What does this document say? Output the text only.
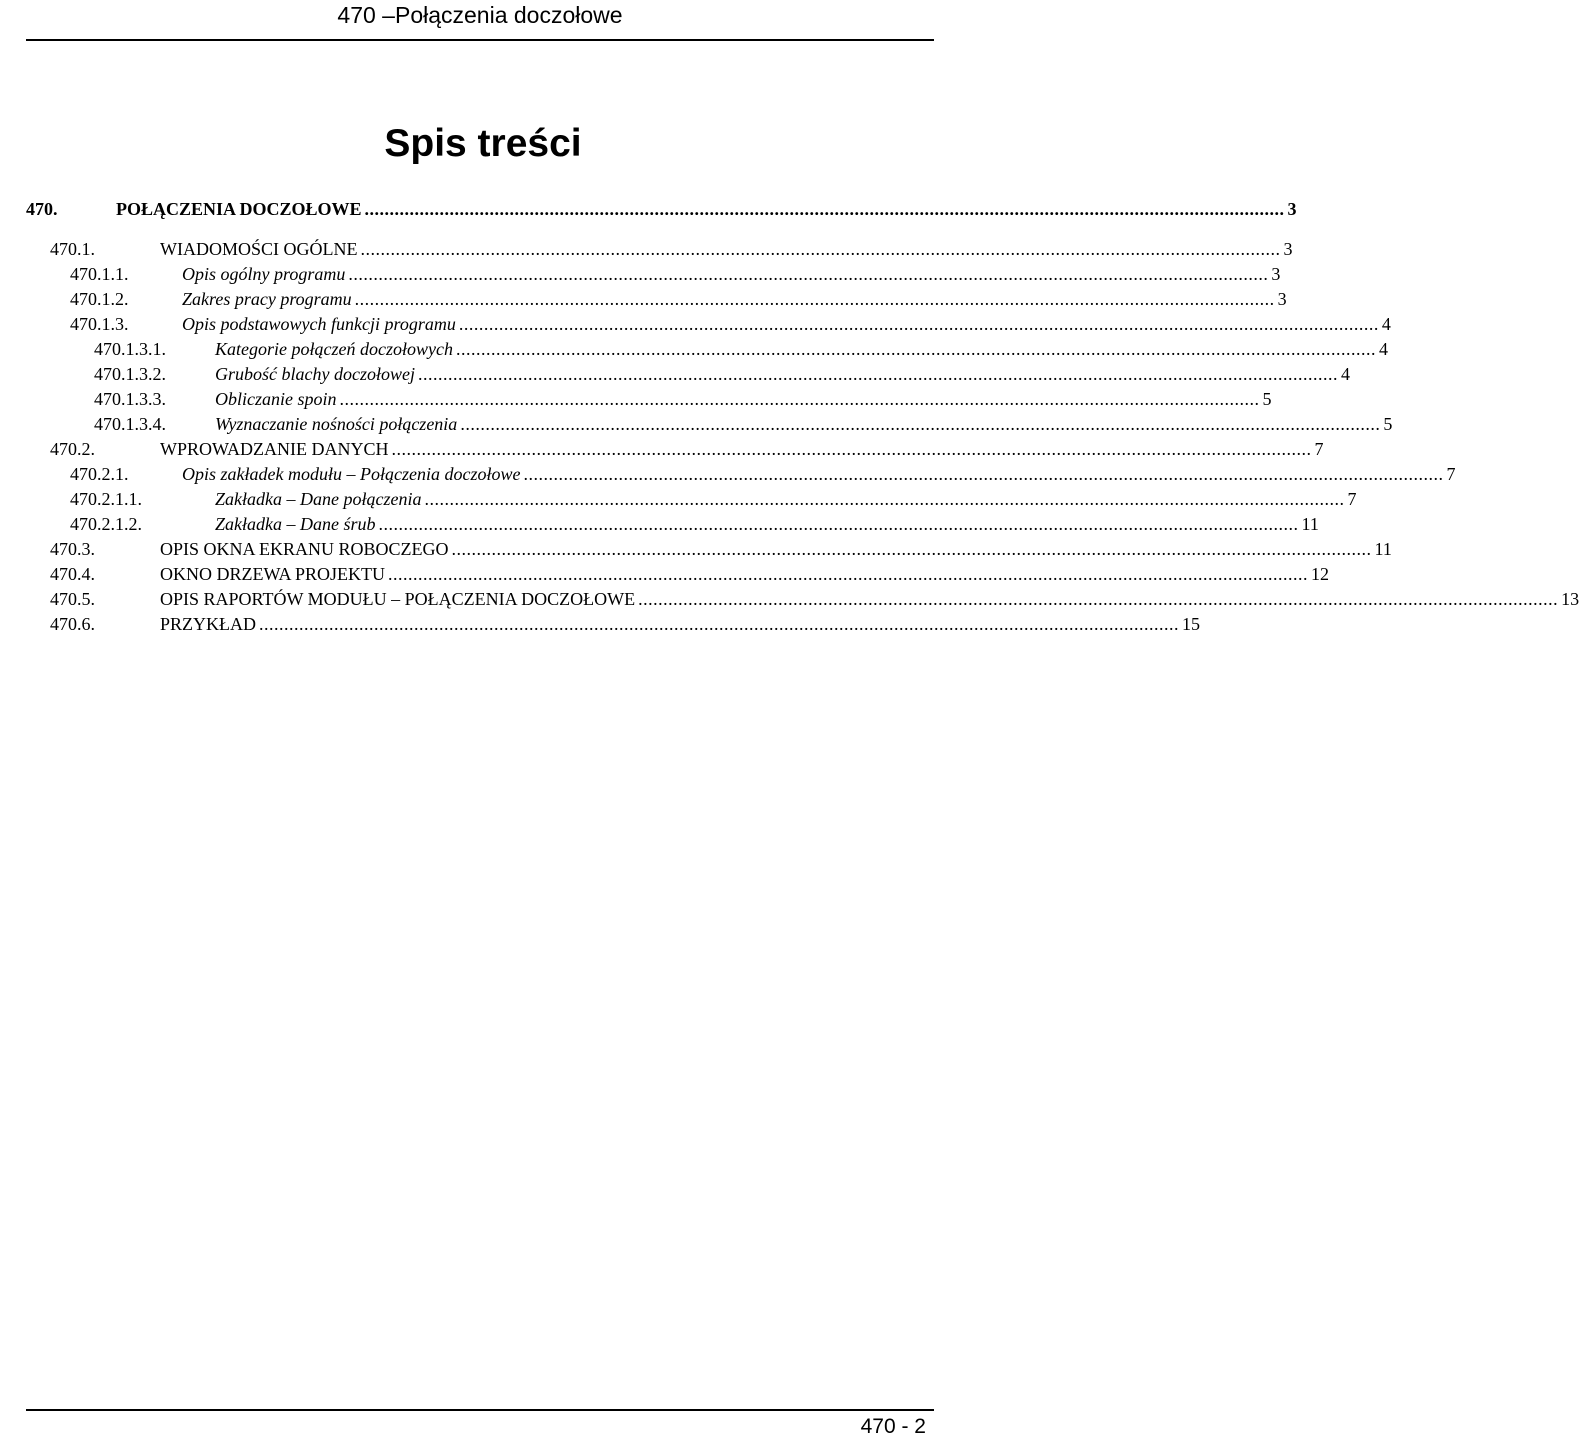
470 –Połączenia doczołowe
Spis treści
470.	POŁĄCZENIA DOCZOŁOWE ........................................................................................................................................................................................ 3
470.1.	WIADOMOŚCI OGÓLNE ........................................................................................................................................................................................ 3
470.1.1.	Opis ogólny programu ........................................................................................................................................................................................ 3
470.1.2.	Zakres pracy programu ........................................................................................................................................................................................ 3
470.1.3.	Opis podstawowych funkcji programu ........................................................................................................................................................................................ 4
470.1.3.1.	Kategorie połączeń doczołowych ........................................................................................................................................................................................ 4
470.1.3.2.	Grubość blachy doczołowej ........................................................................................................................................................................................ 4
470.1.3.3.	Obliczanie spoin ........................................................................................................................................................................................ 5
470.1.3.4.	Wyznaczanie nośności połączenia ........................................................................................................................................................................................ 5
470.2.	WPROWADZANIE DANYCH ........................................................................................................................................................................................ 7
470.2.1.	Opis zakładek modułu – Połączenia doczołowe ........................................................................................................................................................................................ 7
470.2.1.1.	Zakładka – Dane połączenia ........................................................................................................................................................................................ 7
470.2.1.2.	Zakładka – Dane śrub ........................................................................................................................................................................................ 11
470.3.	OPIS OKNA EKRANU ROBOCZEGO ........................................................................................................................................................................................ 11
470.4.	OKNO DRZEWA PROJEKTU ........................................................................................................................................................................................ 12
470.5.	OPIS RAPORTÓW MODUŁU – POŁĄCZENIA DOCZOŁOWE ........................................................................................................................................................................................ 13
470.6.	PRZYKŁAD ........................................................................................................................................................................................ 15
470 - 2
